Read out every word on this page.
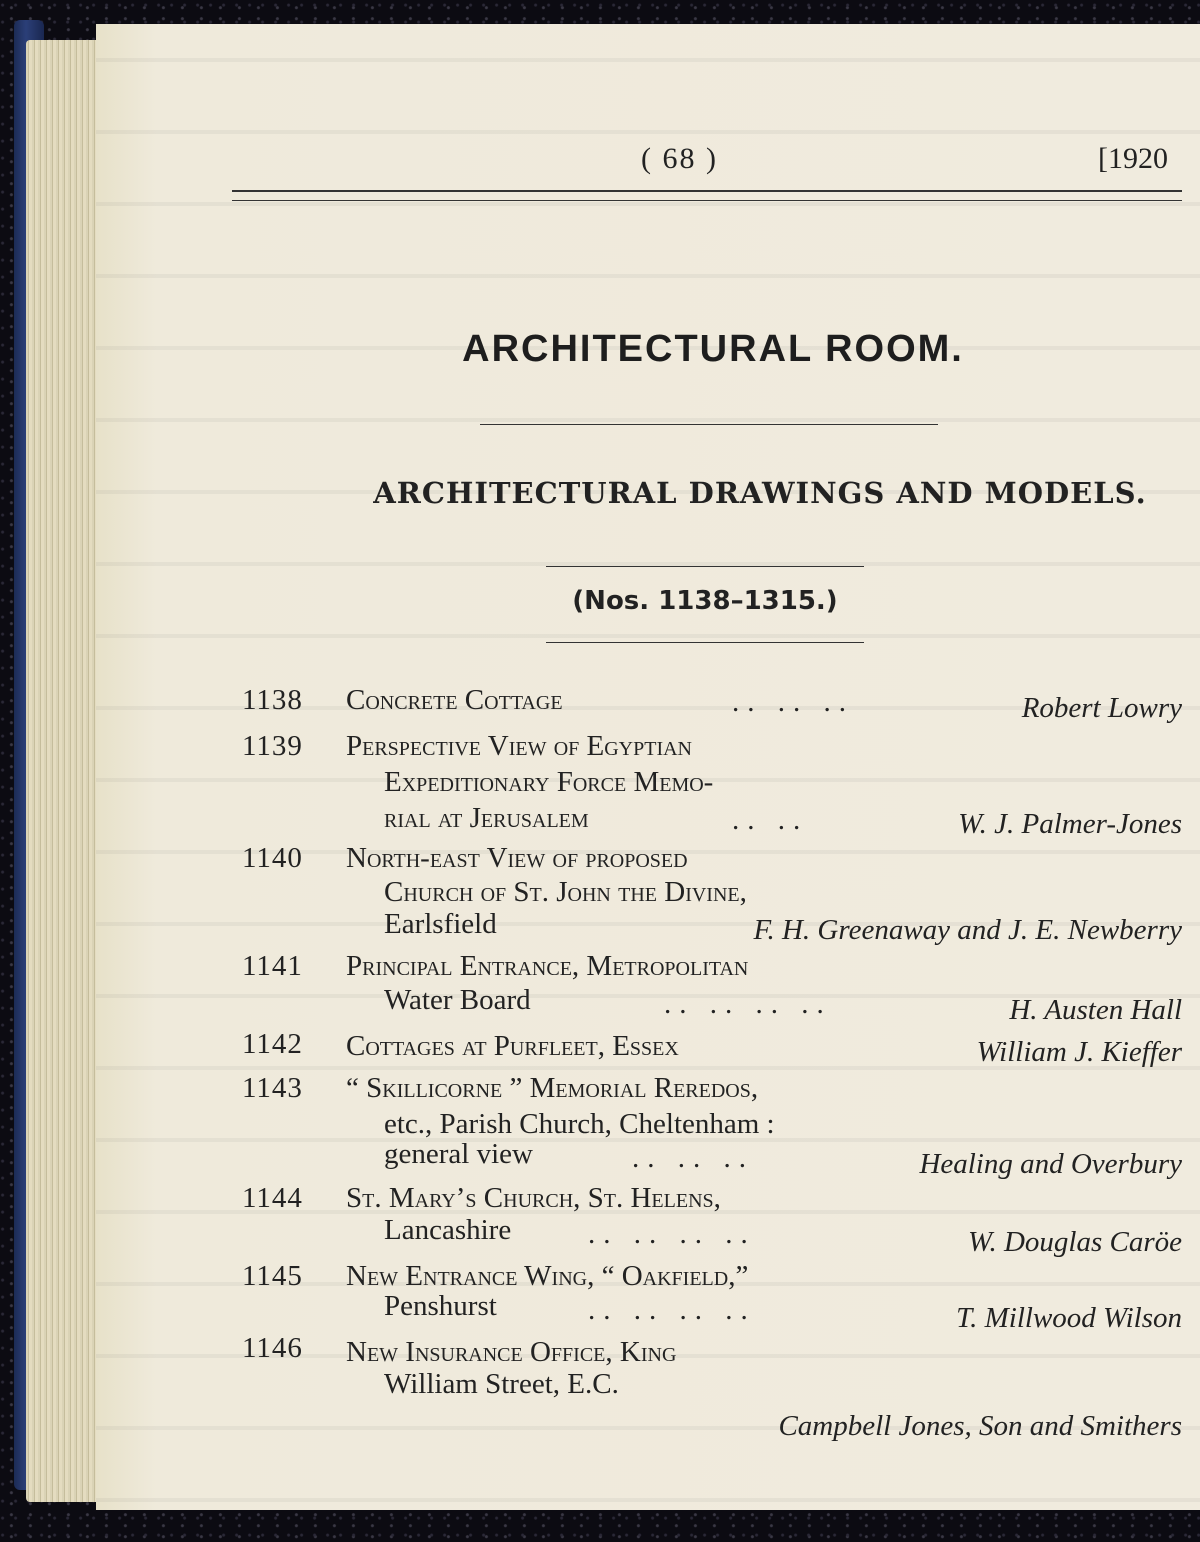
( 68 )	[1920
ARCHITECTURAL ROOM.
ARCHITECTURAL DRAWINGS AND MODELS.
(Nos. 1138–1315.)
1138 Concrete Cottage	.. .. ..	Robert Lowry
1139 Perspective View of Egyptian
Expeditionary Force Memo-
rial at Jerusalem	.. ..	W. J. Palmer-Jones
1140 North-east View of proposed
Church of St. John the Divine,
Earlsfield	F. H. Greenaway and J. E. Newberry
1141 Principal Entrance, Metropolitan
Water Board	.. .. .. ..	H. Austen Hall
1142 Cottages at Purfleet, Essex	William J. Kieffer
1143 “ Skillicorne ” Memorial Reredos,
etc., Parish Church, Cheltenham :
general view	.. .. ..	Healing and Overbury
1144 St. Mary’s Church, St. Helens,
Lancashire	.. .. .. ..	W. Douglas Caröe
1145 New Entrance Wing, “ Oakfield,”
Penshurst	.. .. .. ..	T. Millwood Wilson
1146 New Insurance Office, King
William Street, E.C.
Campbell Jones, Son and Smithers
